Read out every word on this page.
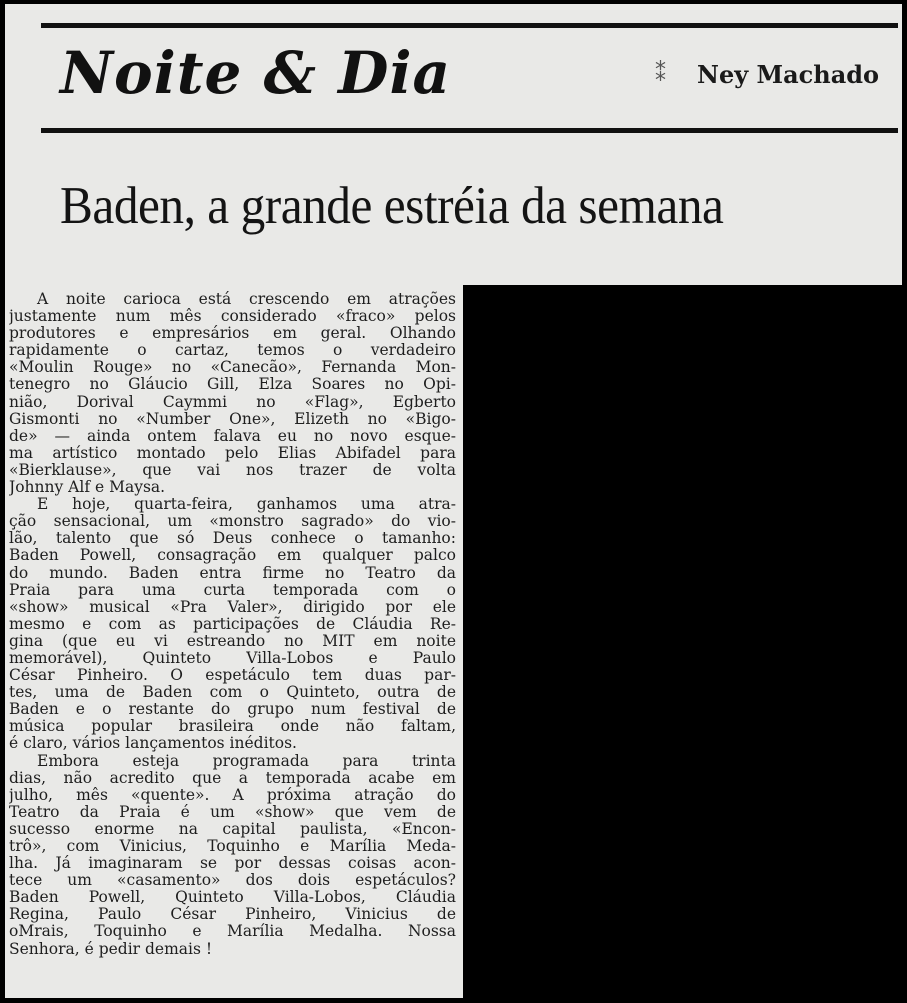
Noite & Dia	⁑ Ney Machado
Baden, a grande estréia da semana
A noite carioca está crescendo em atrações
justamente num mês considerado «fraco» pelos
produtores e empresários em geral. Olhando
rapidamente o cartaz, temos o verdadeiro
«Moulin Rouge» no «Canecão», Fernanda Mon-
tenegro no Gláucio Gill, Elza Soares no Opi-
nião, Dorival Caymmi no «Flag», Egberto
Gismonti no «Number One», Elizeth no «Bigo-
de» — ainda ontem falava eu no novo esque-
ma artístico montado pelo Elias Abifadel para
«Bierklause», que vai nos trazer de volta
Johnny Alf e Maysa.
E hoje, quarta-feira, ganhamos uma atra-
ção sensacional, um «monstro sagrado» do vio-
lão, talento que só Deus conhece o tamanho:
Baden Powell, consagração em qualquer palco
do mundo. Baden entra firme no Teatro da
Praia para uma curta temporada com o
«show» musical «Pra Valer», dirigido por ele
mesmo e com as participações de Cláudia Re-
gina (que eu vi estreando no MIT em noite
memorável), Quinteto Villa-Lobos e Paulo
César Pinheiro. O espetáculo tem duas par-
tes, uma de Baden com o Quinteto, outra de
Baden e o restante do grupo num festival de
música popular brasileira onde não faltam,
é claro, vários lançamentos inéditos.
Embora esteja programada para trinta
dias, não acredito que a temporada acabe em
julho, mês «quente». A próxima atração do
Teatro da Praia é um «show» que vem de
sucesso enorme na capital paulista, «Encon-
trô», com Vinicius, Toquinho e Marília Meda-
lha. Já imaginaram se por dessas coisas acon-
tece um «casamento» dos dois espetáculos?
Baden Powell, Quinteto Villa-Lobos, Cláudia
Regina, Paulo César Pinheiro, Vinicius de
oMrais, Toquinho e Marília Medalha. Nossa
Senhora, é pedir demais !
